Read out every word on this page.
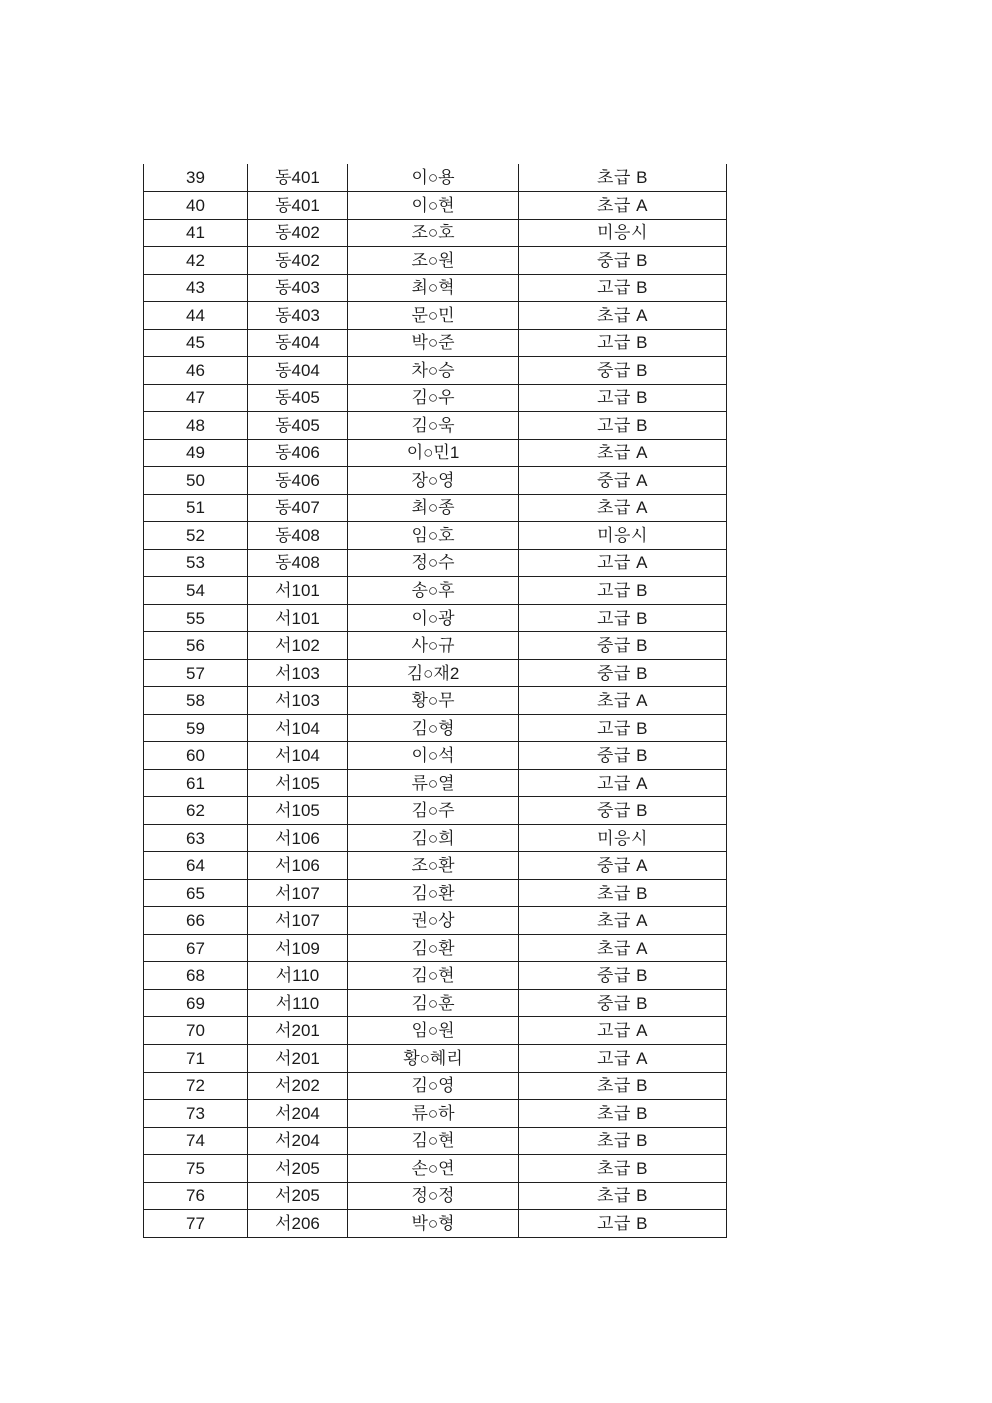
39	동401	이○용	초급 B
40	동401	이○현	초급 A
41	동402	조○호	미응시
42	동402	조○원	중급 B
43	동403	최○혁	고급 B
44	동403	문○민	초급 A
45	동404	박○준	고급 B
46	동404	차○승	중급 B
47	동405	김○우	고급 B
48	동405	김○욱	고급 B
49	동406	이○민1	초급 A
50	동406	장○영	중급 A
51	동407	최○종	초급 A
52	동408	임○호	미응시
53	동408	정○수	고급 A
54	서101	송○후	고급 B
55	서101	이○광	고급 B
56	서102	사○규	중급 B
57	서103	김○재2	중급 B
58	서103	황○무	초급 A
59	서104	김○형	고급 B
60	서104	이○석	중급 B
61	서105	류○열	고급 A
62	서105	김○주	중급 B
63	서106	김○희	미응시
64	서106	조○환	중급 A
65	서107	김○환	초급 B
66	서107	권○상	초급 A
67	서109	김○환	초급 A
68	서110	김○현	중급 B
69	서110	김○훈	중급 B
70	서201	임○원	고급 A
71	서201	황○혜리	고급 A
72	서202	김○영	초급 B
73	서204	류○하	초급 B
74	서204	김○현	초급 B
75	서205	손○연	초급 B
76	서205	정○정	초급 B
77	서206	박○형	고급 B
